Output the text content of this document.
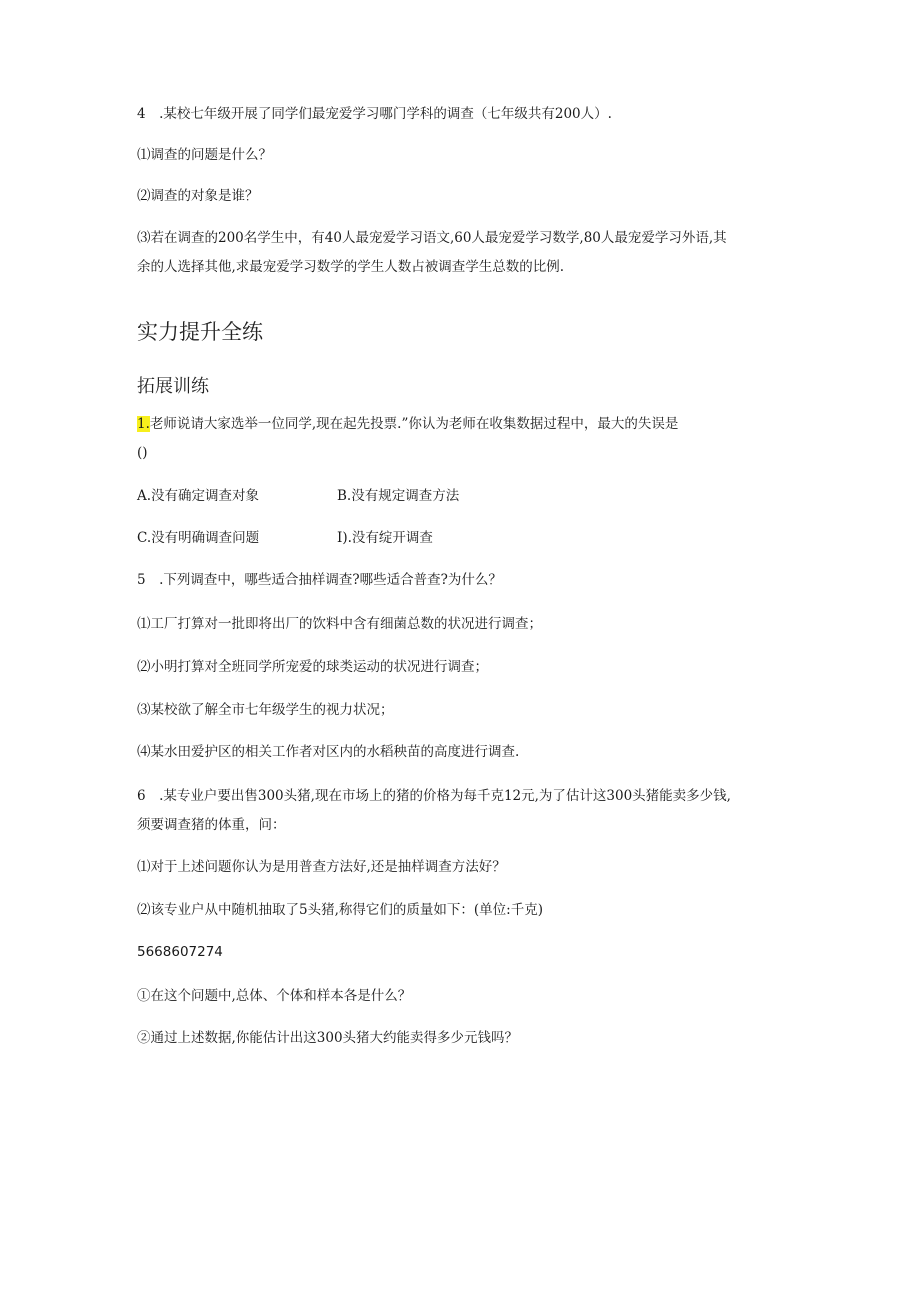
4　.某校七年级开展了同学们最宠爱学习哪门学科的调查（七年级共有200人）.
⑴调查的问题是什么？
⑵调查的对象是谁？
⑶若在调查的200名学生中，有40人最宠爱学习语文,60人最宠爱学习数学,80人最宠爱学习外语,其
余的人选择其他,求最宠爱学习数学的学生人数占被调查学生总数的比例.
实力提升全练
拓展训练
1.老师说请大家选举一位同学,现在起先投票.”你认为老师在收集数据过程中，最大的失误是
()
A.没有确定调查对象	B.没有规定调查方法
C.没有明确调查问题	I).没有绽开调查
5　.下列调查中，哪些适合抽样调查?哪些适合普查?为什么？
⑴工厂打算对一批即将出厂的饮料中含有细菌总数的状况进行调查；
⑵小明打算对全班同学所宠爱的球类运动的状况进行调查；
⑶某校欲了解全市七年级学生的视力状况；
⑷某水田爱护区的相关工作者对区内的水稻秧苗的高度进行调查.
6　.某专业户要出售300头猪,现在市场上的猪的价格为每千克12元,为了估计这300头猪能卖多少钱,
须要调查猪的体重，问：
⑴对于上述问题你认为是用普查方法好,还是抽样调查方法好？
⑵该专业户从中随机抽取了5头猪,称得它们的质量如下：(单位:千克)
5668607274
①在这个问题中,总体、个体和样本各是什么？
②通过上述数据,你能估计出这300头猪大约能卖得多少元钱吗？
